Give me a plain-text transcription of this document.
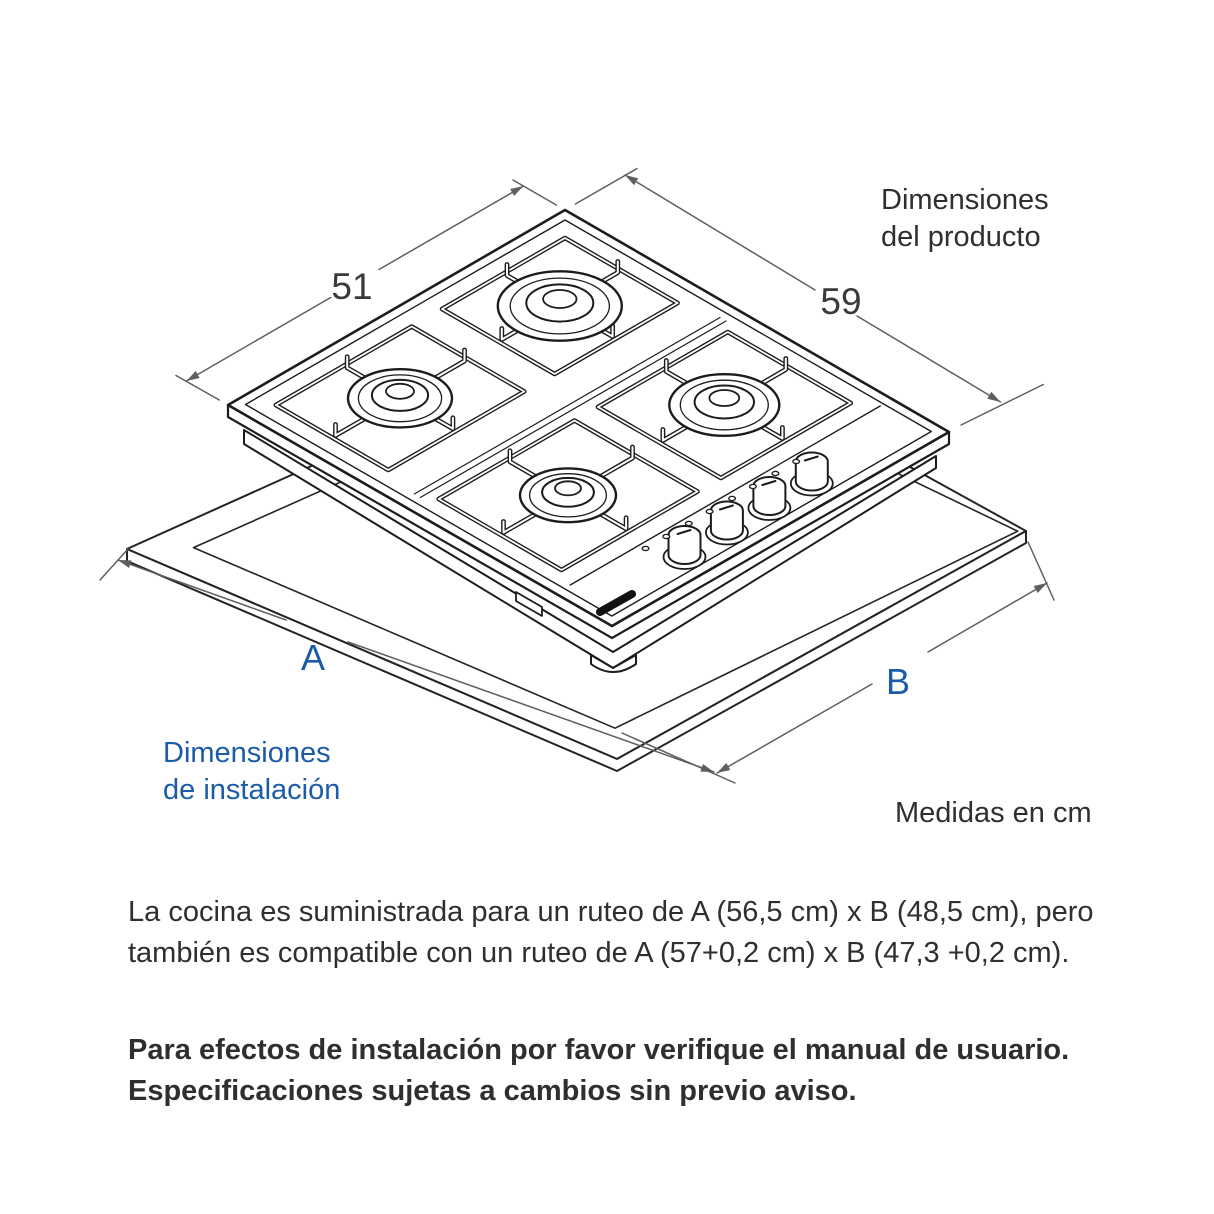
51	59
A
B
Dimensiones
del producto
Dimensiones
de instalación
Medidas en cm
La cocina es suministrada para un ruteo de A (56,5 cm) x B (48,5 cm), pero
también es compatible con un ruteo de A (57+0,2 cm) x B (47,3 +0,2 cm).
Para efectos de instalación por favor verifique el manual de usuario.
Especificaciones sujetas a cambios sin previo aviso.
